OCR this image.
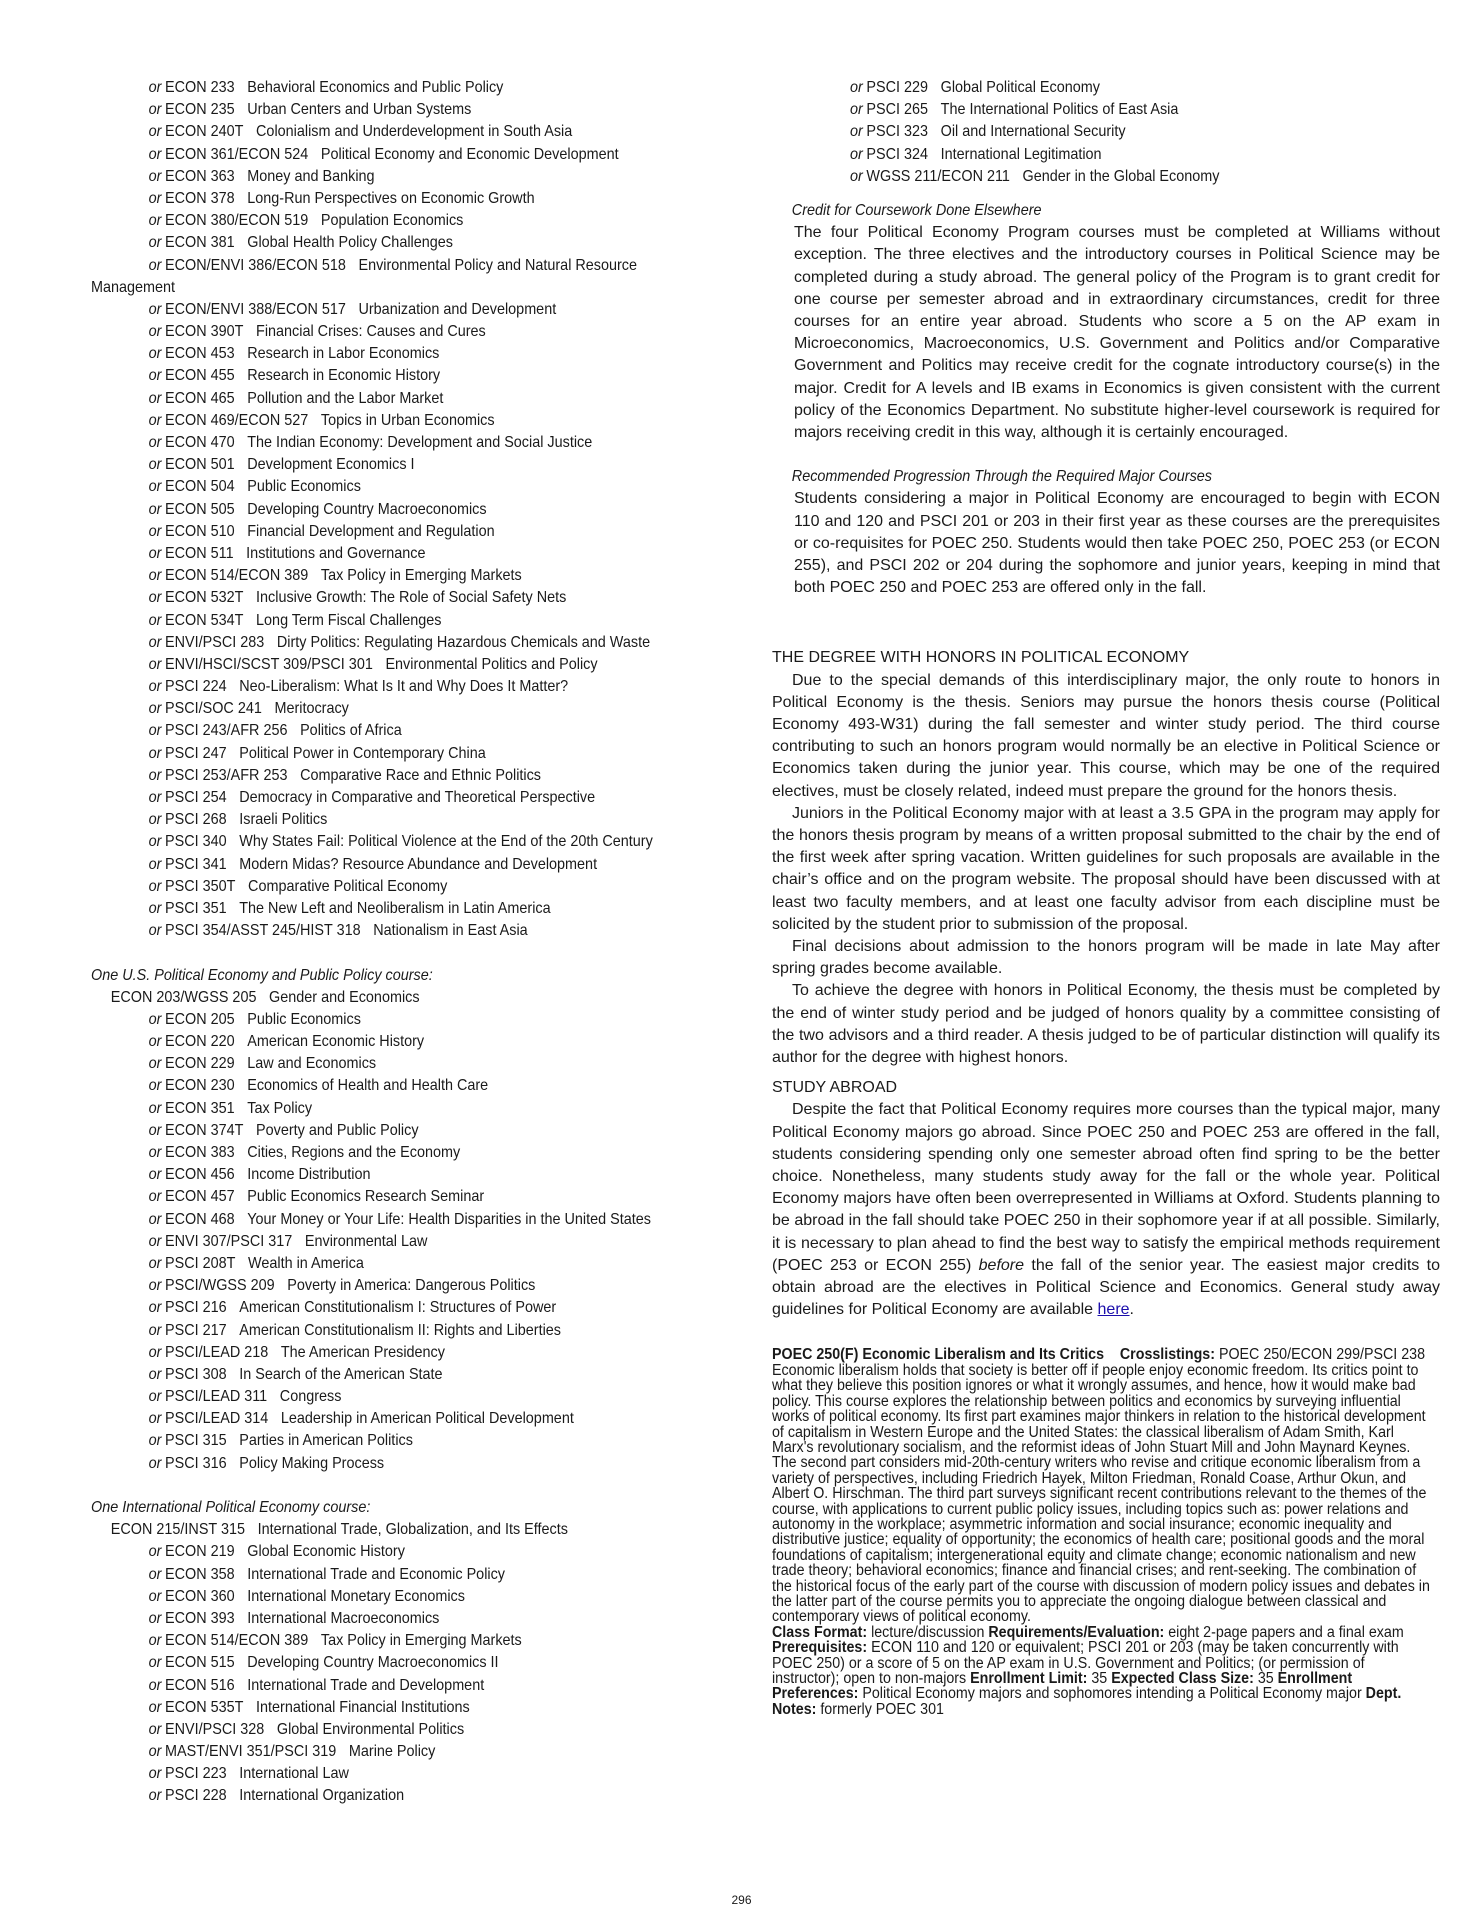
or ECON 233 Behavioral Economics and Public Policy
or ECON 235 Urban Centers and Urban Systems
or ECON 240T Colonialism and Underdevelopment in South Asia
or ECON 361/ECON 524 Political Economy and Economic Development
or ECON 363 Money and Banking
or ECON 378 Long-Run Perspectives on Economic Growth
or ECON 380/ECON 519 Population Economics
or ECON 381 Global Health Policy Challenges
or ECON/ENVI 386/ECON 518 Environmental Policy and Natural Resource
Management
or ECON/ENVI 388/ECON 517 Urbanization and Development
or ECON 390T Financial Crises: Causes and Cures
or ECON 453 Research in Labor Economics
or ECON 455 Research in Economic History
or ECON 465 Pollution and the Labor Market
or ECON 469/ECON 527 Topics in Urban Economics
or ECON 470 The Indian Economy: Development and Social Justice
or ECON 501 Development Economics I
or ECON 504 Public Economics
or ECON 505 Developing Country Macroeconomics
or ECON 510 Financial Development and Regulation
or ECON 511 Institutions and Governance
or ECON 514/ECON 389 Tax Policy in Emerging Markets
or ECON 532T Inclusive Growth: The Role of Social Safety Nets
or ECON 534T Long Term Fiscal Challenges
or ENVI/PSCI 283 Dirty Politics: Regulating Hazardous Chemicals and Waste
or ENVI/HSCI/SCST 309/PSCI 301 Environmental Politics and Policy
or PSCI 224 Neo-Liberalism: What Is It and Why Does It Matter?
or PSCI/SOC 241 Meritocracy
or PSCI 243/AFR 256 Politics of Africa
or PSCI 247 Political Power in Contemporary China
or PSCI 253/AFR 253 Comparative Race and Ethnic Politics
or PSCI 254 Democracy in Comparative and Theoretical Perspective
or PSCI 268 Israeli Politics
or PSCI 340 Why States Fail: Political Violence at the End of the 20th Century
or PSCI 341 Modern Midas? Resource Abundance and Development
or PSCI 350T Comparative Political Economy
or PSCI 351 The New Left and Neoliberalism in Latin America
or PSCI 354/ASST 245/HIST 318 Nationalism in East Asia
One U.S. Political Economy and Public Policy course:
ECON 203/WGSS 205 Gender and Economics
or ECON 205 Public Economics
or ECON 220 American Economic History
or ECON 229 Law and Economics
or ECON 230 Economics of Health and Health Care
or ECON 351 Tax Policy
or ECON 374T Poverty and Public Policy
or ECON 383 Cities, Regions and the Economy
or ECON 456 Income Distribution
or ECON 457 Public Economics Research Seminar
or ECON 468 Your Money or Your Life: Health Disparities in the United States
or ENVI 307/PSCI 317 Environmental Law
or PSCI 208T Wealth in America
or PSCI/WGSS 209 Poverty in America: Dangerous Politics
or PSCI 216 American Constitutionalism I: Structures of Power
or PSCI 217 American Constitutionalism II: Rights and Liberties
or PSCI/LEAD 218 The American Presidency
or PSCI 308 In Search of the American State
or PSCI/LEAD 311 Congress
or PSCI/LEAD 314 Leadership in American Political Development
or PSCI 315 Parties in American Politics
or PSCI 316 Policy Making Process
One International Political Economy course:
ECON 215/INST 315 International Trade, Globalization, and Its Effects
or ECON 219 Global Economic History
or ECON 358 International Trade and Economic Policy
or ECON 360 International Monetary Economics
or ECON 393 International Macroeconomics
or ECON 514/ECON 389 Tax Policy in Emerging Markets
or ECON 515 Developing Country Macroeconomics II
or ECON 516 International Trade and Development
or ECON 535T International Financial Institutions
or ENVI/PSCI 328 Global Environmental Politics
or MAST/ENVI 351/PSCI 319 Marine Policy
or PSCI 223 International Law
or PSCI 228 International Organization
or PSCI 229 Global Political Economy
or PSCI 265 The International Politics of East Asia
or PSCI 323 Oil and International Security
or PSCI 324 International Legitimation
or WGSS 211/ECON 211 Gender in the Global Economy
Credit for Coursework Done Elsewhere
The four Political Economy Program courses must be completed at Williams without exception. The three electives and the introductory courses in Political Science may be completed during a study abroad. The general policy of the Program is to grant credit for one course per semester abroad and in extraordinary circumstances, credit for three courses for an entire year abroad. Students who score a 5 on the AP exam in Microeconomics, Macroeconomics, U.S. Government and Politics and/or Comparative Government and Politics may receive credit for the cognate introductory course(s) in the major. Credit for A levels and IB exams in Economics is given consistent with the current policy of the Economics Department. No substitute higher-level coursework is required for majors receiving credit in this way, although it is certainly encouraged.
Recommended Progression Through the Required Major Courses
Students considering a major in Political Economy are encouraged to begin with ECON 110 and 120 and PSCI 201 or 203 in their first year as these courses are the prerequisites or co-requisites for POEC 250. Students would then take POEC 250, POEC 253 (or ECON 255), and PSCI 202 or 204 during the sophomore and junior years, keeping in mind that both POEC 250 and POEC 253 are offered only in the fall.
THE DEGREE WITH HONORS IN POLITICAL ECONOMY

Due to the special demands of this interdisciplinary major, the only route to honors in Political Economy is the thesis. Seniors may pursue the honors thesis course (Political Economy 493-W31) during the fall semester and winter study period. The third course contributing to such an honors program would normally be an elective in Political Science or Economics taken during the junior year. This course, which may be one of the required electives, must be closely related, indeed must prepare the ground for the honors thesis.

Juniors in the Political Economy major with at least a 3.5 GPA in the program may apply for the honors thesis program by means of a written proposal submitted to the chair by the end of the first week after spring vacation. Written guidelines for such proposals are available in the chair’s office and on the program website. The proposal should have been discussed with at least two faculty members, and at least one faculty advisor from each discipline must be solicited by the student prior to submission of the proposal.

Final decisions about admission to the honors program will be made in late May after spring grades become available.

To achieve the degree with honors in Political Economy, the thesis must be completed by the end of winter study period and be judged of honors quality by a committee consisting of the two advisors and a third reader. A thesis judged to be of particular distinction will qualify its author for the degree with highest honors.

STUDY ABROAD

Despite the fact that Political Economy requires more courses than the typical major, many Political Economy majors go abroad. Since POEC 250 and POEC 253 are offered in the fall, students considering spending only one semester abroad often find spring to be the better choice. Nonetheless, many students study away for the fall or the whole year. Political Economy majors have often been overrepresented in Williams at Oxford. Students planning to be abroad in the fall should take POEC 250 in their sophomore year if at all possible. Similarly, it is necessary to plan ahead to find the best way to satisfy the empirical methods requirement (POEC 253 or ECON 255) before the fall of the senior year. The easiest major credits to obtain abroad are the electives in Political Science and Economics. General study away guidelines for Political Economy are available here.

POEC 250(F) Economic Liberalism and Its Critics Crosslistings: POEC 250/ECON 299/PSCI 238
Economic liberalism holds that society is better off if people enjoy economic freedom. Its critics point to what they believe this position ignores or what it wrongly assumes, and hence, how it would make bad policy. This course explores the relationship between politics and economics by surveying influential works of political economy. Its first part examines major thinkers in relation to the historical development of capitalism in Western Europe and the United States: the classical liberalism of Adam Smith, Karl Marx's revolutionary socialism, and the reformist ideas of John Stuart Mill and John Maynard Keynes. The second part considers mid-20th-century writers who revise and critique economic liberalism from a variety of perspectives, including Friedrich Hayek, Milton Friedman, Ronald Coase, Arthur Okun, and Albert O. Hirschman. The third part surveys significant recent contributions relevant to the themes of the course, with applications to current public policy issues, including topics such as: power relations and autonomy in the workplace; asymmetric information and social insurance; economic inequality and distributive justice; equality of opportunity; the economics of health care; positional goods and the moral foundations of capitalism; intergenerational equity and climate change; economic nationalism and new trade theory; behavioral economics; finance and financial crises; and rent-seeking. The combination of the historical focus of the early part of the course with discussion of modern policy issues and debates in the latter part of the course permits you to appreciate the ongoing dialogue between classical and contemporary views of political economy.
Class Format: lecture/discussion Requirements/Evaluation: eight 2-page papers and a final exam Prerequisites: ECON 110 and 120 or equivalent; PSCI 201 or 203 (may be taken concurrently with POEC 250) or a score of 5 on the AP exam in U.S. Government and Politics; (or permission of instructor); open to non-majors Enrollment Limit: 35 Expected Class Size: 35 Enrollment Preferences: Political Economy majors and sophomores intending a Political Economy major Dept. Notes: formerly POEC 301
296
